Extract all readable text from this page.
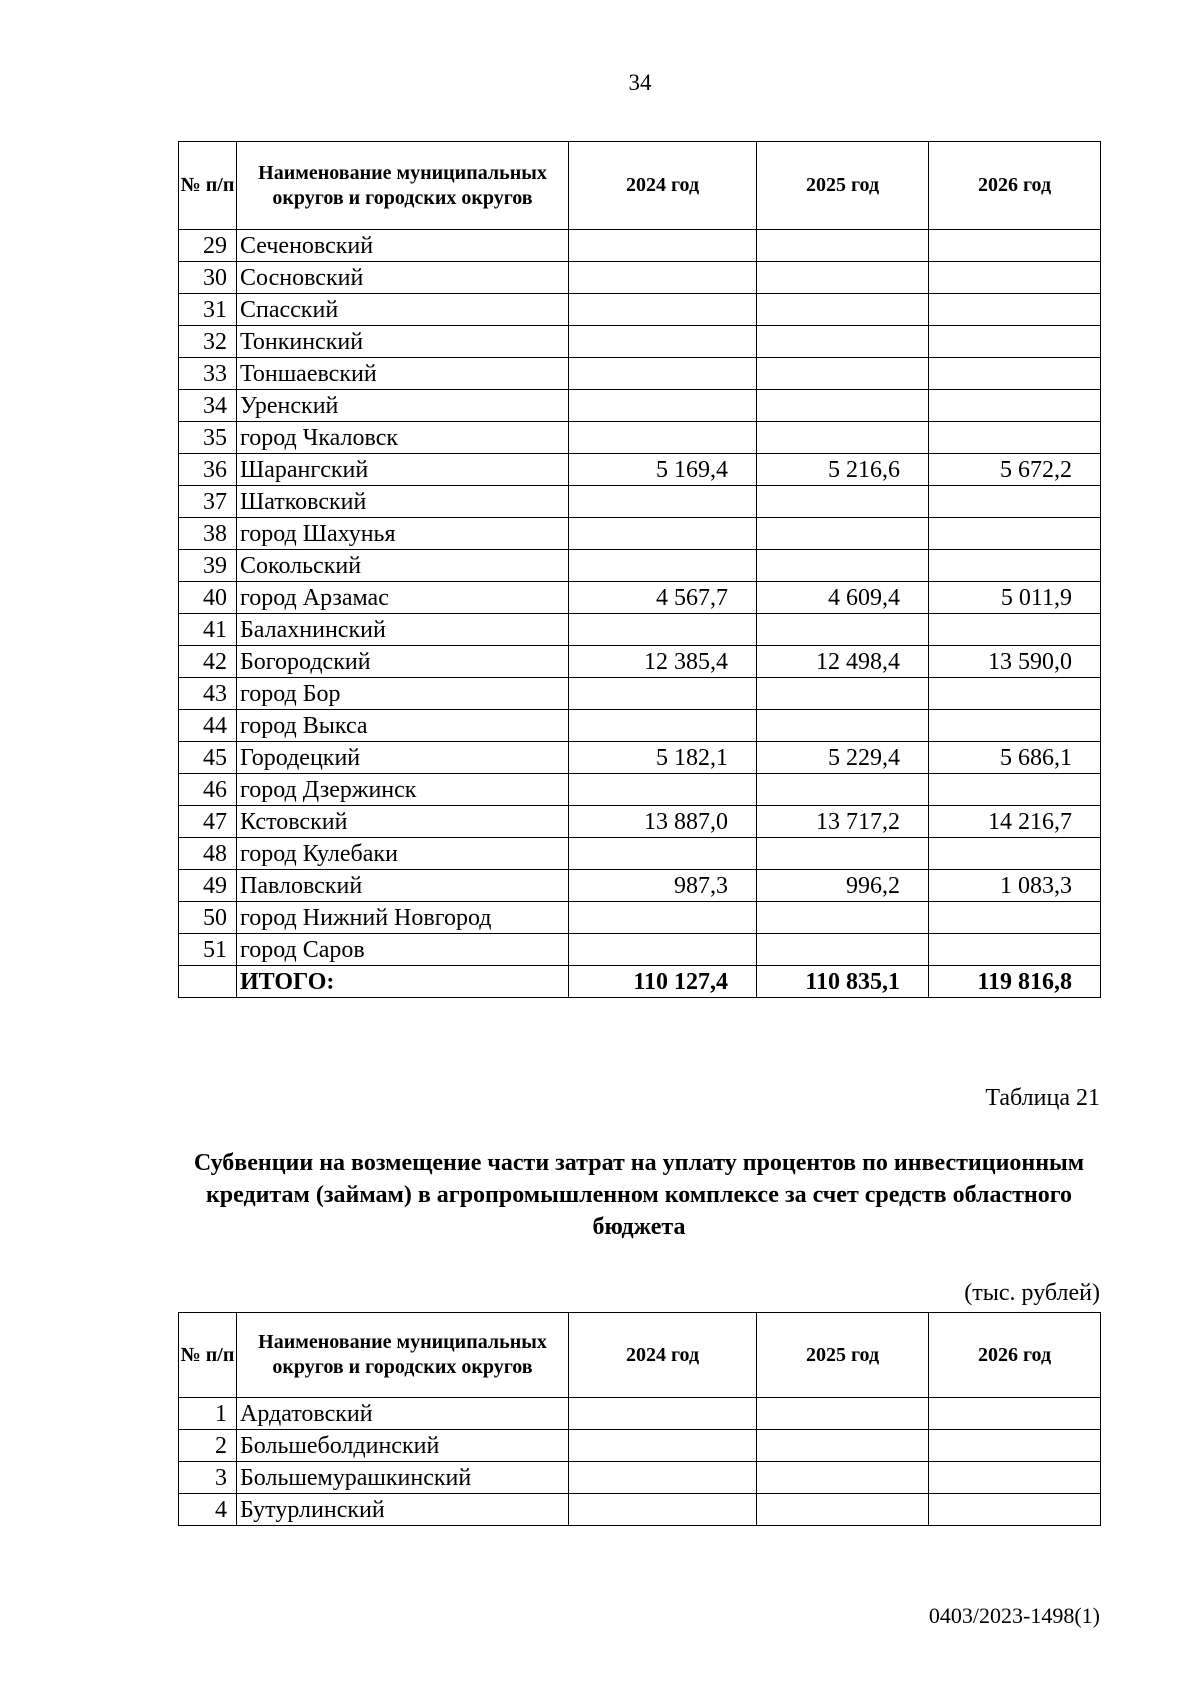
34
№ п/п	Наименование муниципальных округов и городских округов	2024 год	2025 год	2026 год
29	Сеченовский			
30	Сосновский			
31	Спасский			
32	Тонкинский			
33	Тоншаевский			
34	Уренский			
35	город Чкаловск			
36	Шарангский	5 169,4	5 216,6	5 672,2
37	Шатковский			
38	город Шахунья			
39	Сокольский			
40	город Арзамас	4 567,7	4 609,4	5 011,9
41	Балахнинский			
42	Богородский	12 385,4	12 498,4	13 590,0
43	город Бор			
44	город Выкса			
45	Городецкий	5 182,1	5 229,4	5 686,1
46	город Дзержинск			
47	Кстовский	13 887,0	13 717,2	14 216,7
48	город Кулебаки			
49	Павловский	987,3	996,2	1 083,3
50	город Нижний Новгород			
51	город Саров			
	ИТОГО:	110 127,4	110 835,1	119 816,8
Таблица 21
Субвенции на возмещение части затрат на уплату процентов по инвестиционным кредитам (займам) в агропромышленном комплексе за счет средств областного бюджета
(тыс. рублей)
№ п/п	Наименование муниципальных округов и городских округов	2024 год	2025 год	2026 год
1	Ардатовский			
2	Большеболдинский			
3	Большемурашкинский			
4	Бутурлинский			
0403/2023-1498(1)
